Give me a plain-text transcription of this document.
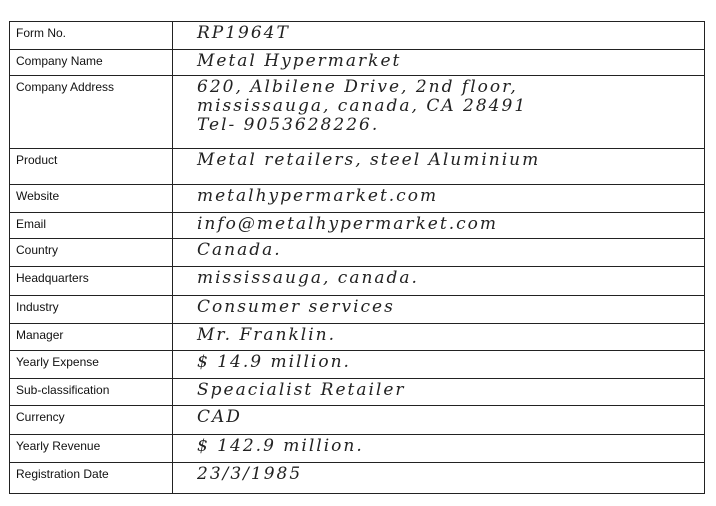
Form No.	RP1964T
Company Name	Metal Hypermarket
Company Address	620, Albilene Drive, 2nd floor,
mississauga, canada, CA 28491
Tel- 9053628226.

Product	Metal retailers, steel Aluminium
Website	metalhypermarket.com
Email	info@metalhypermarket.com
Country	Canada.
Headquarters	mississauga, canada.
Industry	Consumer services
Manager	Mr. Franklin.
Yearly Expense	$ 14.9 million.
Sub-classification	Speacialist Retailer
Currency	CAD
Yearly Revenue	$ 142.9 million.
Registration Date	23/3/1985
